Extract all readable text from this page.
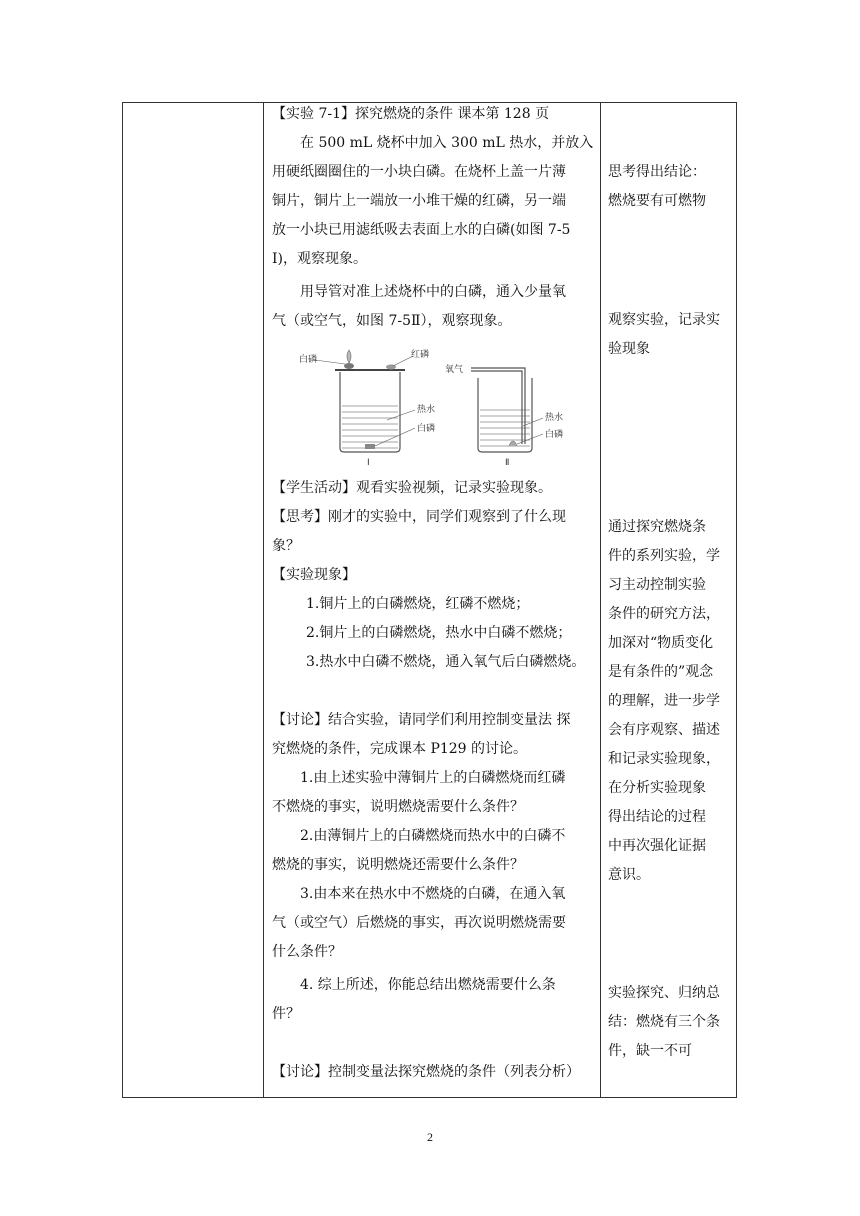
【实验 7-1】探究燃烧的条件 课本第 128 页
在 500 mL 烧杯中加入 300 mL 热水，并放入
用硬纸圈圈住的一小块白磷。在烧杯上盖一片薄
铜片，铜片上一端放一小堆干燥的红磷，另一端
放一小块已用滤纸吸去表面上水的白磷(如图 7-5
Ⅰ)，观察现象。
用导管对准上述烧杯中的白磷，通入少量氧
气（或空气，如图 7-5Ⅱ），观察现象。
白磷	红磷
热水
白磷
Ⅰ
氧气
热水
白磷
Ⅱ
【学生活动】观看实验视频，记录实验现象。
【思考】刚才的实验中，同学们观察到了什么现
象？
【实验现象】
1.铜片上的白磷燃烧，红磷不燃烧；
2.铜片上的白磷燃烧，热水中白磷不燃烧；
3.热水中白磷不燃烧，通入氧气后白磷燃烧。
【讨论】结合实验，请同学们利用控制变量法 探
究燃烧的条件，完成课本 P129 的讨论。
1.由上述实验中薄铜片上的白磷燃烧而红磷
不燃烧的事实，说明燃烧需要什么条件？
2.由薄铜片上的白磷燃烧而热水中的白磷不
燃烧的事实，说明燃烧还需要什么条件？
3.由本来在热水中不燃烧的白磷，在通入氧
气（或空气）后燃烧的事实，再次说明燃烧需要
什么条件？
4. 综上所述，你能总结出燃烧需要什么条
件？
【讨论】控制变量法探究燃烧的条件（列表分析）
思考得出结论：
燃烧要有可燃物
观察实验，记录实
验现象
通过探究燃烧条
件的系列实验，学
习主动控制实验
条件的研究方法，
加深对“物质变化
是有条件的”观念
的理解，进一步学
会有序观察、描述
和记录实验现象，
在分析实验现象
得出结论的过程
中再次强化证据
意识。
实验探究、归纳总
结：燃烧有三个条
件，缺一不可
2
